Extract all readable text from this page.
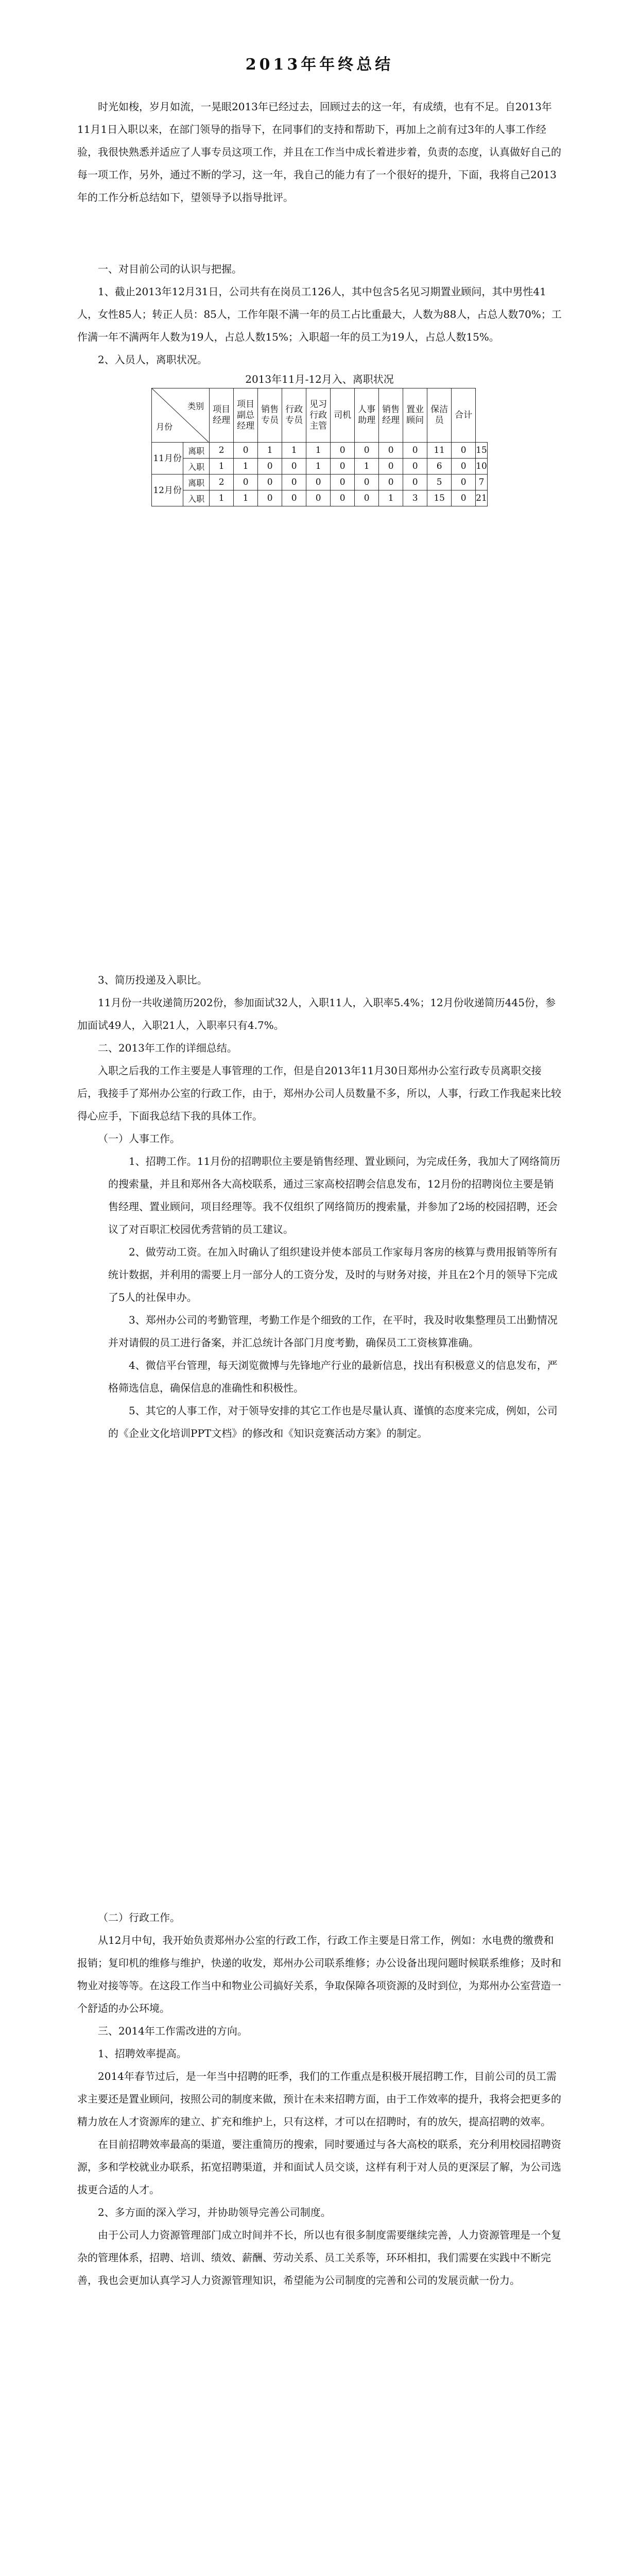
2013年年终总结

时光如梭，岁月如流，一晃眼2013年已经过去，回顾过去的这一年，有成绩，也有不足。自2013年11月1日入职以来，在部门领导的指导下，在同事们的支持和帮助下，再加上之前有过3年的人事工作经验，我很快熟悉并适应了人事专员这项工作，并且在工作当中成长着进步着，负责的态度，认真做好自己的每一项工作，另外，通过不断的学习，这一年，我自己的能力有了一个很好的提升，下面，我将自己2013年的工作分析总结如下，望领导予以指导批评。

一、对目前公司的认识与把握。

1、截止2013年12月31日，公司共有在岗员工126人，其中包含5名见习期置业顾问，其中男性41人，女性85人；转正人员：85人，工作年限不满一年的员工占比重最大，人数为88人，占总人数70%；工作满一年不满两年人数为19人，占总人数15%；入职超一年的员工为19人，占总人数15%。

2、入员人，离职状况。

2013年11月-12月入、离职状况
类别
月份		项目经理	项目副总经理	销售专员	行政专员	见习行政主管	司机	人事助理	销售经理	置业顾问	保洁员	合计	
11月份	离职	2	0	1	1	1	0	0	0	0	11	0	15
	入职	1	1	0	0	1	0	1	0	0	6	0	10
12月份	离职	2	0	0	0	0	0	0	0	0	5	0	7
	入职	1	1	0	0	0	0	0	1	3	15	0	21

3、简历投递及入职比。

11月份一共收递简历202份，参加面试32人，入职11人，入职率5.4%；12月份收递简历445份，参加面试49人，入职21人，入职率只有4.7%。

二、2013年工作的详细总结。

入职之后我的工作主要是人事管理的工作，但是自2013年11月30日郑州办公室行政专员离职交接后，我接手了郑州办公室的行政工作，由于，郑州办公司人员数量不多，所以，人事，行政工作我起来比较得心应手，下面我总结下我的具体工作。

（一）人事工作。

1、招聘工作。11月份的招聘职位主要是销售经理、置业顾问，为完成任务，我加大了网络简历的搜索量，并且和郑州各大高校联系，通过三家高校招聘会信息发布，12月份的招聘岗位主要是销售经理、置业顾问，项目经理等。我不仅组织了网络简历的搜索量，并参加了2场的校园招聘，还会议了对百职汇校园优秀营销的员工建议。

2、做劳动工资。在加入时确认了组织建设并使本部员工作家每月客房的核算与费用报销等所有统计数据，并利用的需要上月一部分人的工资分发，及时的与财务对接，并且在2个月的领导下完成了5人的社保申办。

3、郑州办公司的考勤管理，考勤工作是个细致的工作，在平时，我及时收集整理员工出勤情况并对请假的员工进行备案，并汇总统计各部门月度考勤，确保员工工资核算准确。

4、微信平台管理，每天浏览微博与先锋地产行业的最新信息，找出有积极意义的信息发布，严格筛选信息，确保信息的准确性和积极性。

5、其它的人事工作，对于领导安排的其它工作也是尽量认真、谨慎的态度来完成，例如，公司的《企业文化培训PPT文档》的修改和《知识竞赛活动方案》的制定。

（二）行政工作。

从12月中旬，我开始负责郑州办公室的行政工作，行政工作主要是日常工作，例如：水电费的缴费和报销；复印机的维修与维护，快递的收发，郑州办公司联系维修；办公设备出现问题时候联系维修；及时和物业对接等等。在这段工作当中和物业公司搞好关系，争取保障各项资源的及时到位，为郑州办公室营造一个舒适的办公环境。

三、2014年工作需改进的方向。

1、招聘效率提高。

2014年春节过后，是一年当中招聘的旺季，我们的工作重点是积极开展招聘工作，目前公司的员工需求主要还是置业顾问，按照公司的制度来做，预计在未来招聘方面，由于工作效率的提升，我将会把更多的精力放在人才资源库的建立、扩充和维护上，只有这样，才可以在招聘时，有的放矢，提高招聘的效率。

在目前招聘效率最高的渠道，要注重简历的搜索，同时要通过与各大高校的联系，充分利用校园招聘资源，多和学校就业办联系，拓宽招聘渠道，并和面试人员交谈，这样有利于对人员的更深层了解，为公司选拔更合适的人才。

2、多方面的深入学习，并协助领导完善公司制度。

由于公司人力资源管理部门成立时间并不长，所以也有很多制度需要继续完善，人力资源管理是一个复杂的管理体系，招聘、培训、绩效、薪酬、劳动关系、员工关系等，环环相扣，我们需要在实践中不断完善，我也会更加认真学习人力资源管理知识，希望能为公司制度的完善和公司的发展贡献一份力。
